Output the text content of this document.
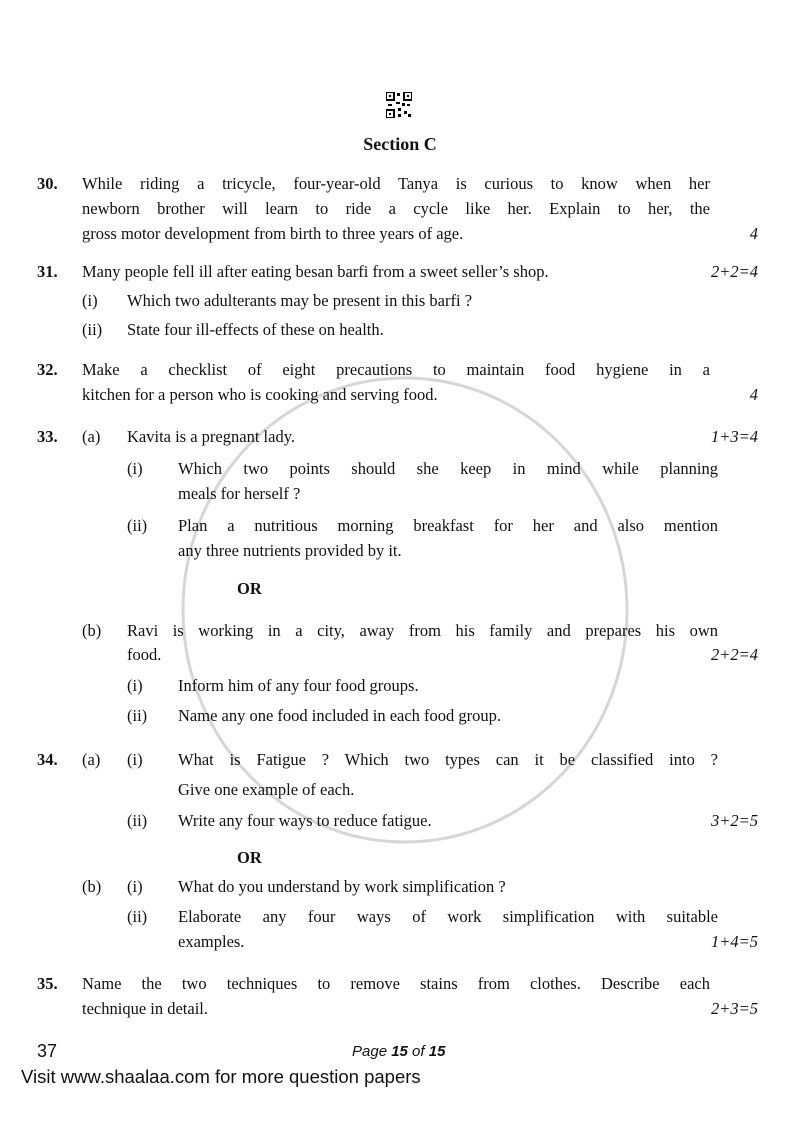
Section C
30. While riding a tricycle, four-year-old Tanya is curious to know when her
newborn brother will learn to ride a cycle like her. Explain to her, the
gross motor development from birth to three years of age.	4
31. Many people fell ill after eating besan barfi from a sweet seller’s shop.	2+2=4
(i) Which two adulterants may be present in this barfi ?
(ii) State four ill-effects of these on health.
32. Make a checklist of eight precautions to maintain food hygiene in a
kitchen for a person who is cooking and serving food.	4
33. (a) Kavita is a pregnant lady.	1+3=4
(i) Which two points should she keep in mind while planning
meals for herself ?
(ii) Plan a nutritious morning breakfast for her and also mention
any three nutrients provided by it.
OR
(b) Ravi is working in a city, away from his family and prepares his own
food.	2+2=4
(i) Inform him of any four food groups.
(ii) Name any one food included in each food group.
34. (a) (i) What is Fatigue ? Which two types can it be classified into ?
Give one example of each.
(ii) Write any four ways to reduce fatigue.	3+2=5
OR
(b) (i) What do you understand by work simplification ?
(ii) Elaborate any four ways of work simplification with suitable
examples.	1+4=5
35. Name the two techniques to remove stains from clothes. Describe each
technique in detail.	2+3=5
37	Page 15 of 15
Visit www.shaalaa.com for more question papers
